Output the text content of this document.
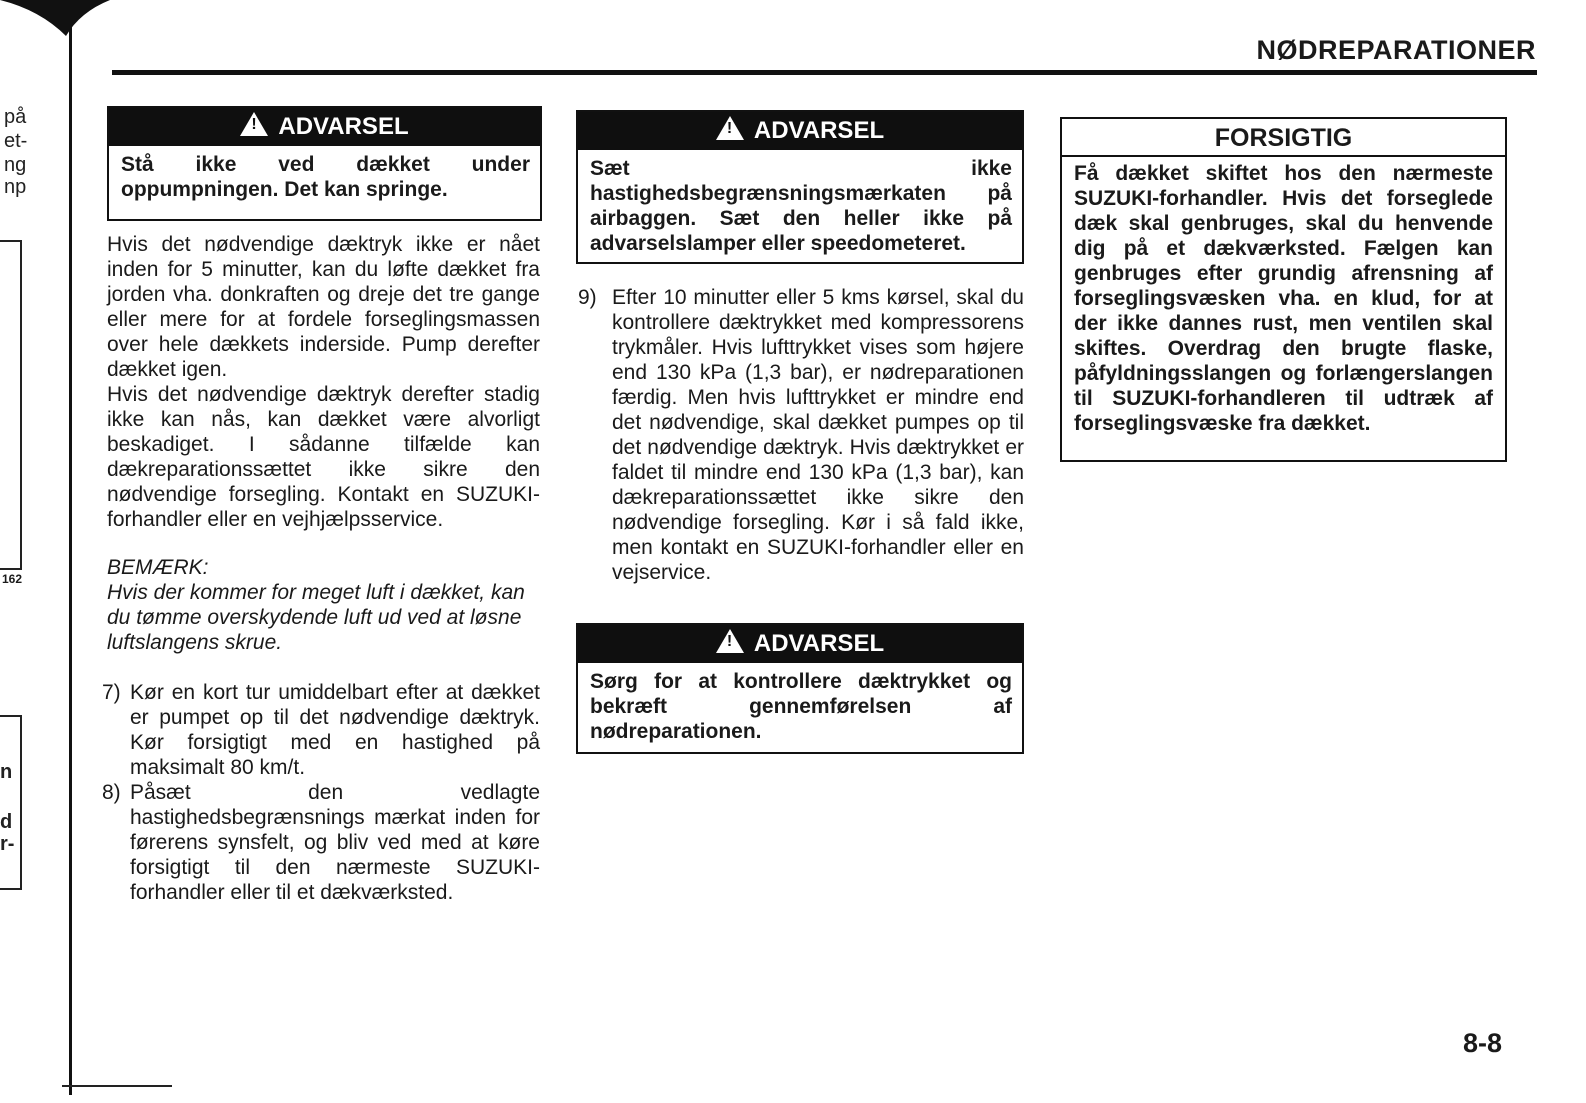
på
et-
ng
np
162
n
d
r-
NØDREPARATIONER
!ADVARSEL
Stå ikke ved dækket under oppumpningen. Det kan springe.
Hvis det nødvendige dæktryk ikke er nået inden for 5 minutter, kan du løfte dækket fra jorden vha. donkraften og dreje det tre gange eller mere for at fordele forseglingsmassen over hele dækkets inderside. Pump derefter dækket igen.
Hvis det nødvendige dæktryk derefter stadig ikke kan nås, kan dækket være alvorligt beskadiget. I sådanne tilfælde kan dækreparationssættet ikke sikre den nødvendige forsegling. Kontakt en SUZUKI-forhandler eller en vejhjælpsservice.
BEMÆRK:
Hvis der kommer for meget luft i dækket, kan du tømme overskydende luft ud ved at løsne luftslangens skrue.
7) Kør en kort tur umiddelbart efter at dækket er pumpet op til det nødvendige dæktryk. Kør forsigtigt med en hastighed på maksimalt 80 km/t.
8) Påsæt den vedlagte hastighedsbegrænsnings mærkat inden for førerens synsfelt, og bliv ved med at køre forsigtigt til den nærmeste SUZUKI-forhandler eller til et dækværksted.
!ADVARSEL
Sæt ikke hastighedsbegrænsningsmærkaten på airbaggen. Sæt den heller ikke på advarselslamper eller speedometeret.
9) Efter 10 minutter eller 5 kms kørsel, skal du kontrollere dæktrykket med kompressorens trykmåler. Hvis lufttrykket vises som højere end 130 kPa (1,3 bar), er nødreparationen færdig. Men hvis lufttrykket er mindre end det nødvendige, skal dækket pumpes op til det nødvendige dæktryk. Hvis dæktrykket er faldet til mindre end 130 kPa (1,3 bar), kan dækreparationssættet ikke sikre den nødvendige forsegling. Kør i så fald ikke, men kontakt en SUZUKI-forhandler eller en vejservice.
!ADVARSEL
Sørg for at kontrollere dæktrykket og bekræft gennemførelsen af nødreparationen.
FORSIGTIG
Få dækket skiftet hos den nærmeste SUZUKI-forhandler. Hvis det forseglede dæk skal genbruges, skal du henvende dig på et dækværksted. Fælgen kan genbruges efter grundig afrensning af forseglingsvæsken vha. en klud, for at der ikke dannes rust, men ventilen skal skiftes. Overdrag den brugte flaske, påfyldningsslangen og forlængerslangen til SUZUKI-forhandleren til udtræk af forseglingsvæske fra dækket.
8-8
